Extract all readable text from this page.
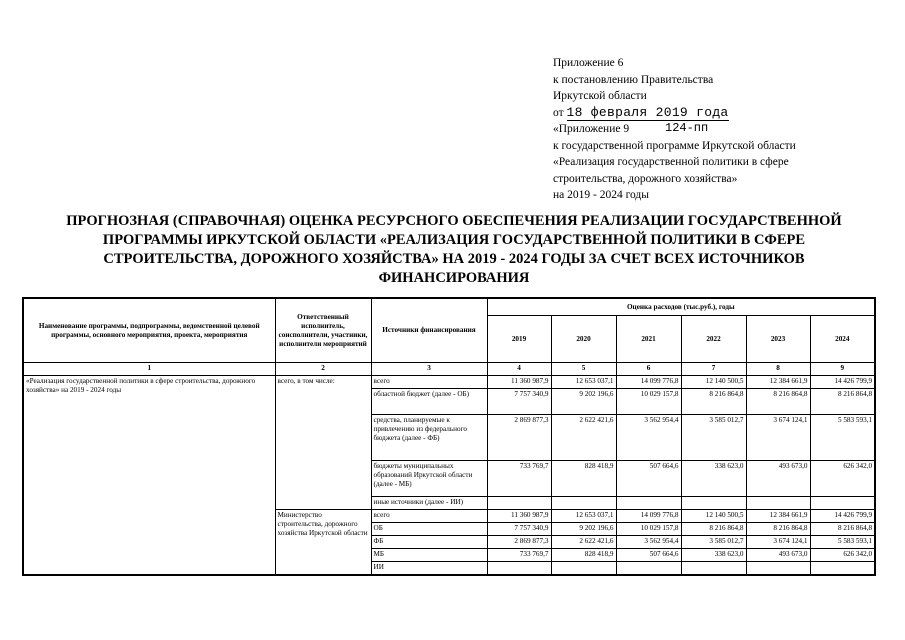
Приложение 6
к постановлению Правительства
Иркутской области
от 18 февраля 2019 года
124-пп
«Приложение 9
к государственной программе Иркутской области
«Реализация государственной политики в сфере
строительства, дорожного хозяйства»
на 2019 - 2024 годы
ПРОГНОЗНАЯ (СПРАВОЧНАЯ) ОЦЕНКА РЕСУРСНОГО ОБЕСПЕЧЕНИЯ РЕАЛИЗАЦИИ ГОСУДАРСТВЕННОЙ
ПРОГРАММЫ ИРКУТСКОЙ ОБЛАСТИ «РЕАЛИЗАЦИЯ ГОСУДАРСТВЕННОЙ ПОЛИТИКИ В СФЕРЕ
СТРОИТЕЛЬСТВА, ДОРОЖНОГО ХОЗЯЙСТВА» НА 2019 - 2024 ГОДЫ ЗА СЧЕТ ВСЕХ ИСТОЧНИКОВ
ФИНАНСИРОВАНИЯ
Наименование программы, подпрограммы, ведомственной целевой программы, основного мероприятия, проекта, мероприятия	Ответственный исполнитель, соисполнители, участники, исполнители мероприятий	Источники финансирования	Оценка расходов (тыс.руб.), годы					
			2019	2020	2021	2022	2023	2024
1	2	3	4	5	6	7	8	9
«Реализация государственной политики в сфере строительства, дорожного хозяйства» на 2019 - 2024 годы	всего, в том числе:	всего	11 360 987,9	12 653 037,1	14 099 776,8	12 140 500,5	12 384 661,9	14 426 799,9
		областной бюджет (далее - ОБ)	7 757 340,9	9 202 196,6	10 029 157,8	8 216 864,8	8 216 864,8	8 216 864,8
		средства, планируемые к привлечению из федерального бюджета (далее - ФБ)	2 869 877,3	2 622 421,6	3 562 954,4	3 585 012,7	3 674 124,1	5 583 593,1
		бюджеты муниципальных образований Иркутской области (далее - МБ)	733 769,7	828 418,9	507 664,6	338 623,0	493 673,0	626 342,0
		иные источники (далее - ИИ)						
	Министерство строительства, дорожного хозяйства Иркутской области	всего	11 360 987,9	12 653 037,1	14 099 776,8	12 140 500,5	12 384 661,9	14 426 799,9
		ОБ	7 757 340,9	9 202 196,6	10 029 157,8	8 216 864,8	8 216 864,8	8 216 864,8
		ФБ	2 869 877,3	2 622 421,6	3 562 954,4	3 585 012,7	3 674 124,1	5 583 593,1
		МБ	733 769,7	828 418,9	507 664,6	338 623,0	493 673,0	626 342,0
		ИИ						
